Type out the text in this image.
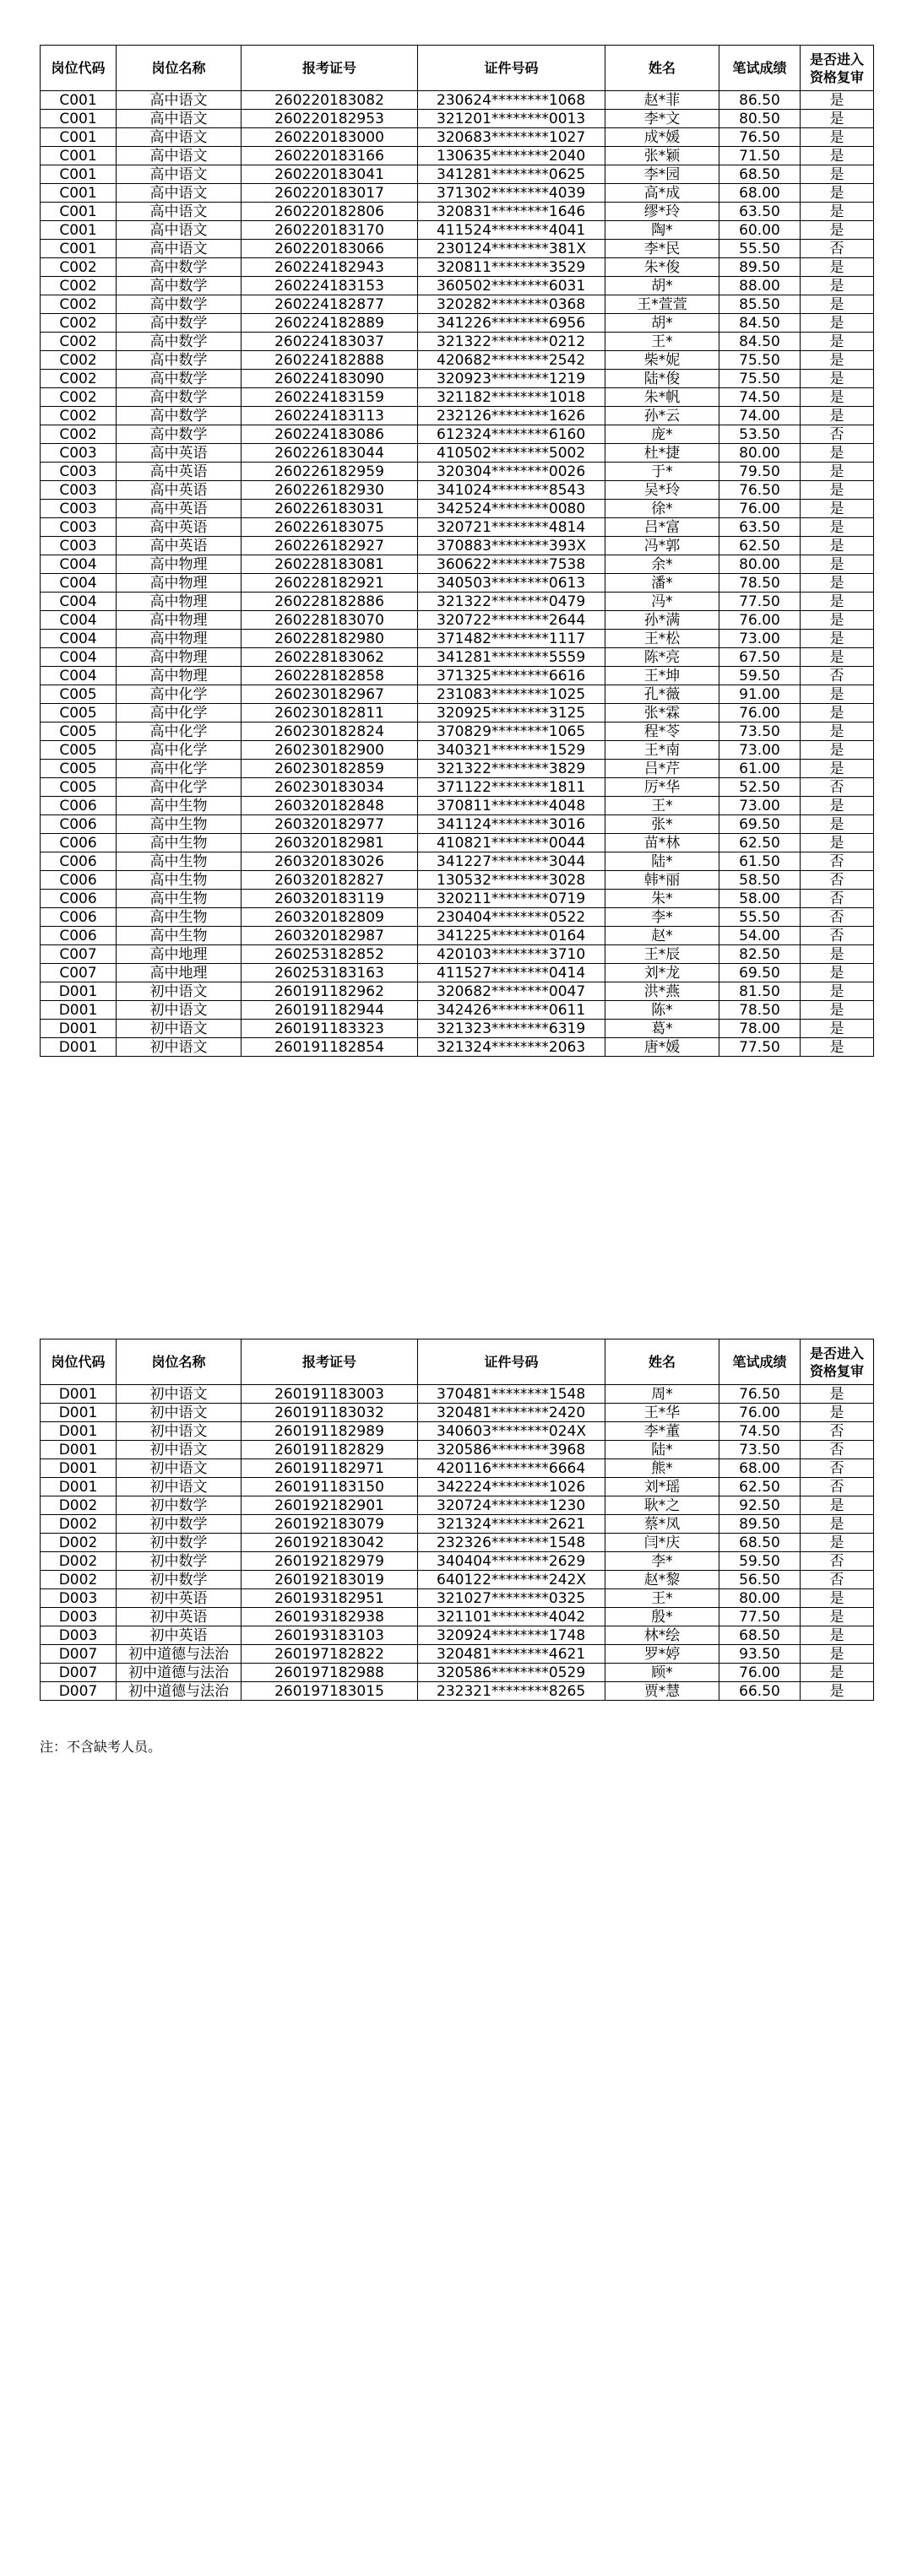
岗位代码	岗位名称	报考证号	证件号码	姓名	笔试成绩	是否进入
资格复审
C001	高中语文	260220183082	230624********1068	赵*菲	86.50	是
C001	高中语文	260220182953	321201********0013	李*文	80.50	是
C001	高中语文	260220183000	320683********1027	成*媛	76.50	是
C001	高中语文	260220183166	130635********2040	张*颖	71.50	是
C001	高中语文	260220183041	341281********0625	李*园	68.50	是
C001	高中语文	260220183017	371302********4039	高*成	68.00	是
C001	高中语文	260220182806	320831********1646	缪*玲	63.50	是
C001	高中语文	260220183170	411524********4041	陶*	60.00	是
C001	高中语文	260220183066	230124********381X	李*民	55.50	否
C002	高中数学	260224182943	320811********3529	朱*俊	89.50	是
C002	高中数学	260224183153	360502********6031	胡*	88.00	是
C002	高中数学	260224182877	320282********0368	王*萱萱	85.50	是
C002	高中数学	260224182889	341226********6956	胡*	84.50	是
C002	高中数学	260224183037	321322********0212	王*	84.50	是
C002	高中数学	260224182888	420682********2542	柴*妮	75.50	是
C002	高中数学	260224183090	320923********1219	陆*俊	75.50	是
C002	高中数学	260224183159	321182********1018	朱*帆	74.50	是
C002	高中数学	260224183113	232126********1626	孙*云	74.00	是
C002	高中数学	260224183086	612324********6160	庞*	53.50	否
C003	高中英语	260226183044	410502********5002	杜*捷	80.00	是
C003	高中英语	260226182959	320304********0026	于*	79.50	是
C003	高中英语	260226182930	341024********8543	吴*玲	76.50	是
C003	高中英语	260226183031	342524********0080	徐*	76.00	是
C003	高中英语	260226183075	320721********4814	吕*富	63.50	是
C003	高中英语	260226182927	370883********393X	冯*郭	62.50	是
C004	高中物理	260228183081	360622********7538	余*	80.00	是
C004	高中物理	260228182921	340503********0613	潘*	78.50	是
C004	高中物理	260228182886	321322********0479	冯*	77.50	是
C004	高中物理	260228183070	320722********2644	孙*满	76.00	是
C004	高中物理	260228182980	371482********1117	王*松	73.00	是
C004	高中物理	260228183062	341281********5559	陈*亮	67.50	是
C004	高中物理	260228182858	371325********6616	王*坤	59.50	否
C005	高中化学	260230182967	231083********1025	孔*薇	91.00	是
C005	高中化学	260230182811	320925********3125	张*霖	76.00	是
C005	高中化学	260230182824	370829********1065	程*苓	73.50	是
C005	高中化学	260230182900	340321********1529	王*南	73.00	是
C005	高中化学	260230182859	321322********3829	吕*芹	61.00	是
C005	高中化学	260230183034	371122********1811	厉*华	52.50	否
C006	高中生物	260320182848	370811********4048	王*	73.00	是
C006	高中生物	260320182977	341124********3016	张*	69.50	是
C006	高中生物	260320182981	410821********0044	苗*林	62.50	是
C006	高中生物	260320183026	341227********3044	陆*	61.50	否
C006	高中生物	260320182827	130532********3028	韩*丽	58.50	否
C006	高中生物	260320183119	320211********0719	朱*	58.00	否
C006	高中生物	260320182809	230404********0522	李*	55.50	否
C006	高中生物	260320182987	341225********0164	赵*	54.00	否
C007	高中地理	260253182852	420103********3710	王*辰	82.50	是
C007	高中地理	260253183163	411527********0414	刘*龙	69.50	是
D001	初中语文	260191182962	320682********0047	洪*燕	81.50	是
D001	初中语文	260191182944	342426********0611	陈*	78.50	是
D001	初中语文	260191183323	321323********6319	葛*	78.00	是
D001	初中语文	260191182854	321324********2063	唐*媛	77.50	是
岗位代码	岗位名称	报考证号	证件号码	姓名	笔试成绩	是否进入
资格复审
D001	初中语文	260191183003	370481********1548	周*	76.50	是
D001	初中语文	260191183032	320481********2420	王*华	76.00	是
D001	初中语文	260191182989	340603********024X	李*董	74.50	否
D001	初中语文	260191182829	320586********3968	陆*	73.50	否
D001	初中语文	260191182971	420116********6664	熊*	68.00	否
D001	初中语文	260191183150	342224********1026	刘*瑶	62.50	否
D002	初中数学	260192182901	320724********1230	耿*之	92.50	是
D002	初中数学	260192183079	321324********2621	蔡*凤	89.50	是
D002	初中数学	260192183042	232326********1548	闫*庆	68.50	是
D002	初中数学	260192182979	340404********2629	李*	59.50	否
D002	初中数学	260192183019	640122********242X	赵*黎	56.50	否
D003	初中英语	260193182951	321027********0325	王*	80.00	是
D003	初中英语	260193182938	321101********4042	殷*	77.50	是
D003	初中英语	260193183103	320924********1748	林*绘	68.50	是
D007	初中道德与法治	260197182822	320481********4621	罗*婷	93.50	是
D007	初中道德与法治	260197182988	320586********0529	顾*	76.00	是
D007	初中道德与法治	260197183015	232321********8265	贾*慧	66.50	是
注：不含缺考人员。
